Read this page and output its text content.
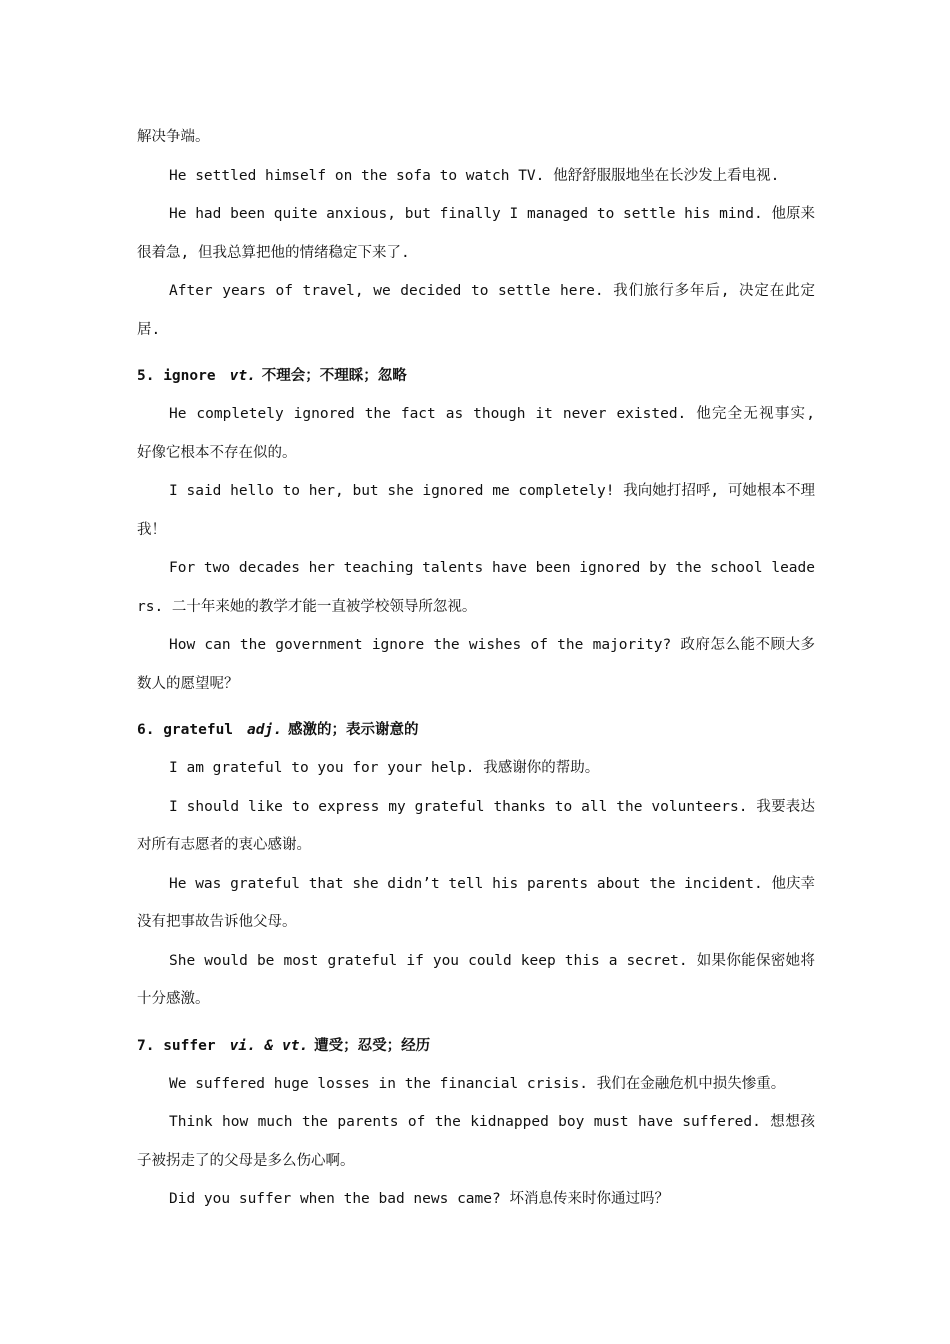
解决争端。

He settled himself on the sofa to watch TV. 他舒舒服服地坐在长沙发上看电视.

He had been quite anxious, but finally I managed to settle his mind. 他原来很着急, 但我总算把他的情绪稳定下来了.

After years of travel, we decided to settle here. 我们旅行多年后, 决定在此定居.

5. ignore vt. 不理会；不理睬；忽略

He completely ignored the fact as though it never existed. 他完全无视事实, 好像它根本不存在似的。

I said hello to her, but she ignored me completely! 我向她打招呼, 可她根本不理我！

For two decades her teaching talents have been ignored by the school leaders. 二十年来她的教学才能一直被学校领导所忽视。

How can the government ignore the wishes of the majority? 政府怎么能不顾大多数人的愿望呢？

6. grateful adj. 感激的；表示谢意的

I am grateful to you for your help. 我感谢你的帮助。

I should like to express my grateful thanks to all the volunteers. 我要表达对所有志愿者的衷心感谢。

He was grateful that she didn’t tell his parents about the incident. 他庆幸没有把事故告诉他父母。

She would be most grateful if you could keep this a secret. 如果你能保密她将十分感激。

7. suffer vi. & vt. 遭受；忍受；经历

We suffered huge losses in the financial crisis. 我们在金融危机中损失惨重。

Think how much the parents of the kidnapped boy must have suffered. 想想孩子被拐走了的父母是多么伤心啊。

Did you suffer when the bad news came? 坏消息传来时你通过吗？
